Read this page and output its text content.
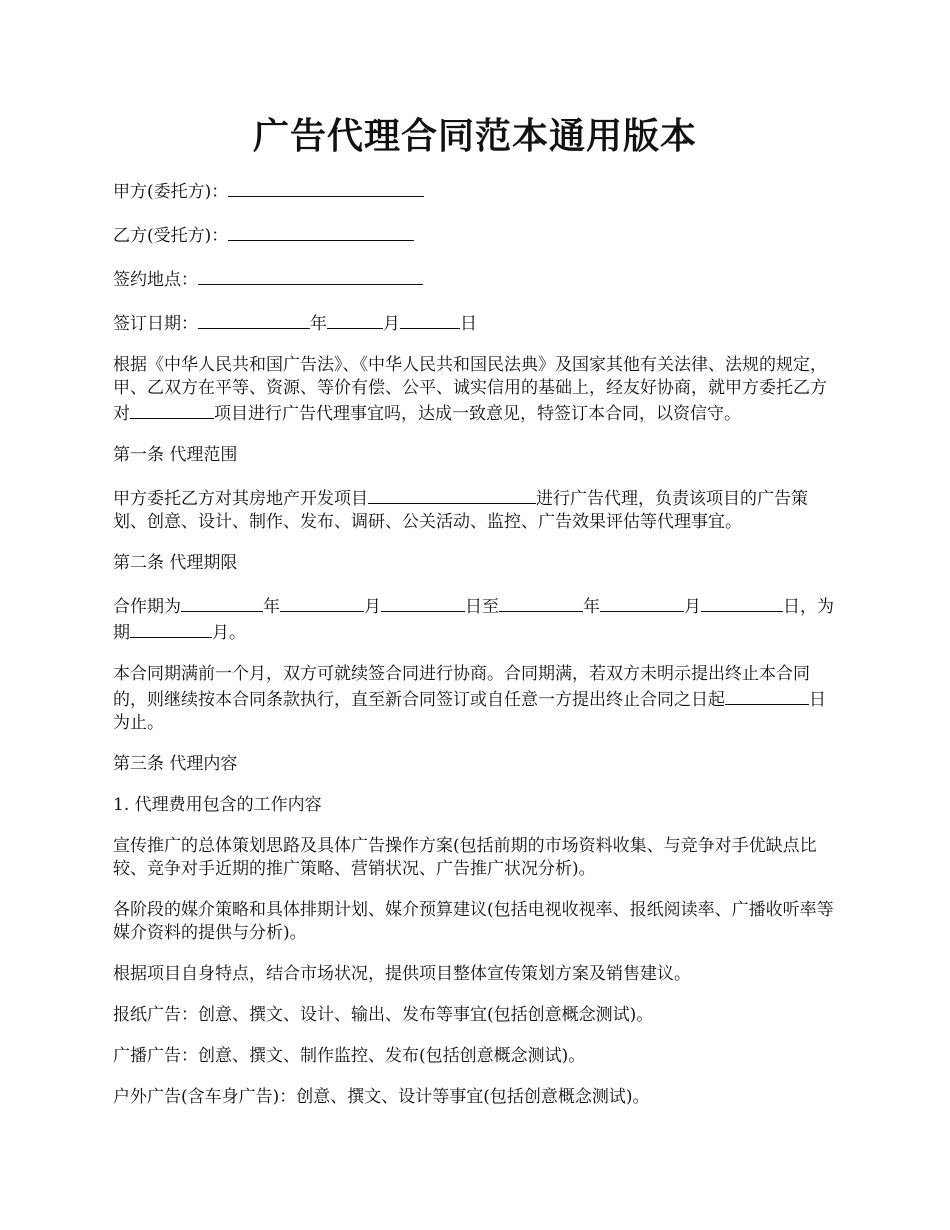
广告代理合同范本通用版本

甲方(委托方)：

乙方(受托方)：

签约地点：

签订日期：	年	月	日

根据《中华人民共和国广告法》、《中华人民共和国民法典》及国家其他有关法律、法规的规定，甲、乙双方在平等、资源、等价有偿、公平、诚实信用的基础上，经友好协商，就甲方委托乙方对	项目进行广告代理事宜吗，达成一致意见，特签订本合同，以资信守。

第一条 代理范围

甲方委托乙方对其房地产开发项目	进行广告代理，负责该项目的广告策划、创意、设计、制作、发布、调研、公关活动、监控、广告效果评估等代理事宜。

第二条 代理期限

合作期为	年	月	日至	年	月	日，为期	月。

本合同期满前一个月，双方可就续签合同进行协商。合同期满，若双方未明示提出终止本合同的，则继续按本合同条款执行，直至新合同签订或自任意一方提出终止合同之日起	日为止。

第三条 代理内容

1. 代理费用包含的工作内容

宣传推广的总体策划思路及具体广告操作方案(包括前期的市场资料收集、与竞争对手优缺点比较、竞争对手近期的推广策略、营销状况、广告推广状况分析)。

各阶段的媒介策略和具体排期计划、媒介预算建议(包括电视收视率、报纸阅读率、广播收听率等媒介资料的提供与分析)。

根据项目自身特点，结合市场状况，提供项目整体宣传策划方案及销售建议。

报纸广告：创意、撰文、设计、输出、发布等事宜(包括创意概念测试)。

广播广告：创意、撰文、制作监控、发布(包括创意概念测试)。

户外广告(含车身广告)：创意、撰文、设计等事宜(包括创意概念测试)。
